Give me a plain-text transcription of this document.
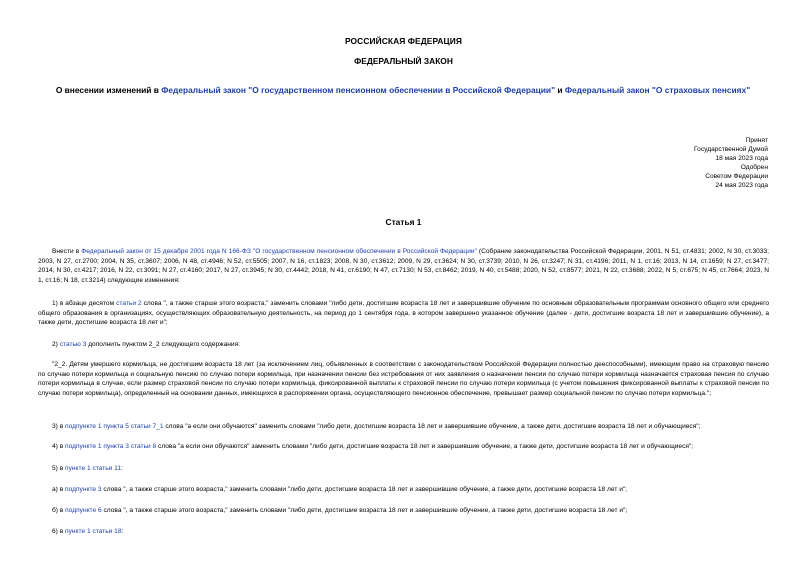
РОССИЙСКАЯ ФЕДЕРАЦИЯ
ФЕДЕРАЛЬНЫЙ ЗАКОН
О внесении изменений в Федеральный закон "О государственном пенсионном обеспечении в Российской Федерации" и Федеральный закон "О страховых пенсиях"
Принят
Государственной Думой
18 мая 2023 года
Одобрен
Советом Федерации
24 мая 2023 года
Статья 1
Внести в Федеральный закон от 15 декабря 2001 года N 166-ФЗ "О государственном пенсионном обеспечении в Российской Федерации" (Собрание законодательства Российской Федерации, 2001, N 51, ст.4831; 2002, N 30, ст.3033; 2003, N 27, ст.2700; 2004, N 35, ст.3607; 2006, N 48, ст.4946; N 52, ст.5505; 2007, N 16, ст.1823; 2008, N 30, ст.3612; 2009, N 29, ст.3624; N 30, ст.3739; 2010, N 26, ст.3247; N 31, ст.4196; 2011, N 1, ст.16; 2013, N 14, ст.1659; N 27, ст.3477; 2014, N 30, ст.4217; 2016, N 22, ст.3091; N 27, ст.4160; 2017, N 27, ст.3945; N 30, ст.4442; 2018, N 41, ст.6190; N 47, ст.7130; N 53, ст.8462; 2019, N 40, ст.5488; 2020, N 52, ст.8577; 2021, N 22, ст.3688; 2022, N 5, ст.675; N 45, ст.7664; 2023, N 1, ст.16; N 18, ст.3214) следующие изменения:
1) в абзаце десятом статьи 2 слова ", а также старше этого возраста," заменить словами "либо дети, достигшие возраста 18 лет и завершившие обучение по основным образовательным программам основного общего или среднего общего образования в организациях, осуществляющих образовательную деятельность, на период до 1 сентября года, в котором завершено указанное обучение (далее - дети, достигшие возраста 18 лет и завершившие обучение), а также дети, достигшие возраста 18 лет и";
2) статью 3 дополнить пунктом 2_2 следующего содержания:
"2_2. Детям умершего кормильца, не достигшим возраста 18 лет (за исключением лиц, объявленных в соответствии с законодательством Российской Федерации полностью дееспособными), имеющим право на страховую пенсию по случаю потери кормильца и социальную пенсию по случаю потери кормильца, при назначении пенсии без истребования от них заявления о назначении пенсии по случаю потери кормильца назначается страховая пенсия по случаю потери кормильца в случае, если размер страховой пенсии по случаю потери кормильца, фиксированной выплаты к страховой пенсии по случаю потери кормильца (с учетом повышения фиксированной выплаты к страховой пенсии по случаю потери кормильца), определенный на основании данных, имеющихся в распоряжении органа, осуществляющего пенсионное обеспечение, превышает размер социальной пенсии по случаю потери кормильца.";
3) в подпункте 1 пункта 5 статьи 7_1 слова "а если они обучаются" заменить словами "либо дети, достигшие возраста 18 лет и завершившие обучение, а также дети, достигшие возраста 18 лет и обучающиеся";
4) в подпункте 1 пункта 3 статьи 8 слова "а если они обучаются" заменить словами "либо дети, достигшие возраста 18 лет и завершившие обучение, а также дети, достигшие возраста 18 лет и обучающиеся";
5) в пункте 1 статьи 11:
а) в подпункте 3 слова ", а также старше этого возраста," заменить словами "либо дети, достигшие возраста 18 лет и завершившие обучение, а также дети, достигшие возраста 18 лет и";
б) в подпункте 6 слова ", а также старше этого возраста," заменить словами "либо дети, достигшие возраста 18 лет и завершившие обучение, а также дети, достигшие возраста 18 лет и";
6) в пункте 1 статьи 18:
